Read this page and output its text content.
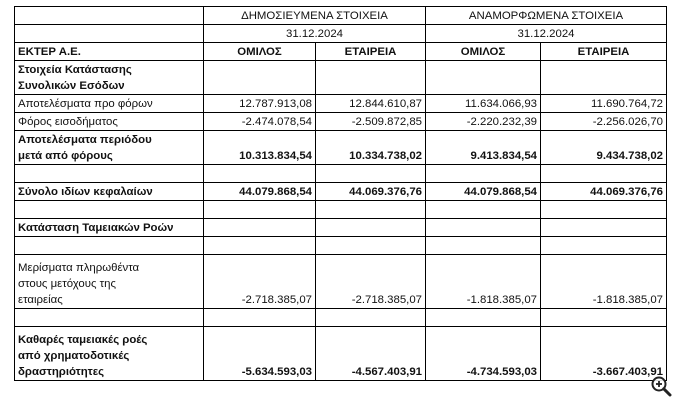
	ΔΗΜΟΣΙΕΥΜΕΝΑ ΣΤΟΙΧΕΙΑ		ΑΝΑΜΟΡΦΩΜΕΝΑ ΣΤΟΙΧΕΙΑ	
	31.12.2024		31.12.2024	
ΕΚΤΕΡ Α.Ε.	ΟΜΙΛΟΣ	ΕΤΑΙΡΕΙΑ	ΟΜΙΛΟΣ	ΕΤΑΙΡΕΙΑ

Στοιχεία Κατάστασης
Συνολικών Εσόδων				

Αποτελέσματα προ φόρων	12.787.913,08	12.844.610,87	11.634.066,93	11.690.764,72
Φόρος εισοδήματος	-2.474.078,54	-2.509.872,85	-2.220.232,39	-2.256.026,70

Αποτελέσματα περιόδου
μετά από φόρους	10.313.834,54	10.334.738,02	9.413.834,54	9.434.738,02

Σύνολο ιδίων κεφαλαίων	44.079.868,54	44.069.376,76	44.079.868,54	44.069.376,76

Κατάσταση Ταμειακών Ροών				

Μερίσματα πληρωθέντα
στους μετόχους της
εταιρείας	-2.718.385,07	-2.718.385,07	-1.818.385,07	-1.818.385,07

Καθαρές ταμειακές ροές
από χρηματοδοτικές
δραστηριότητες	-5.634.593,03	-4.567.403,91	-4.734.593,03	-3.667.403,91
